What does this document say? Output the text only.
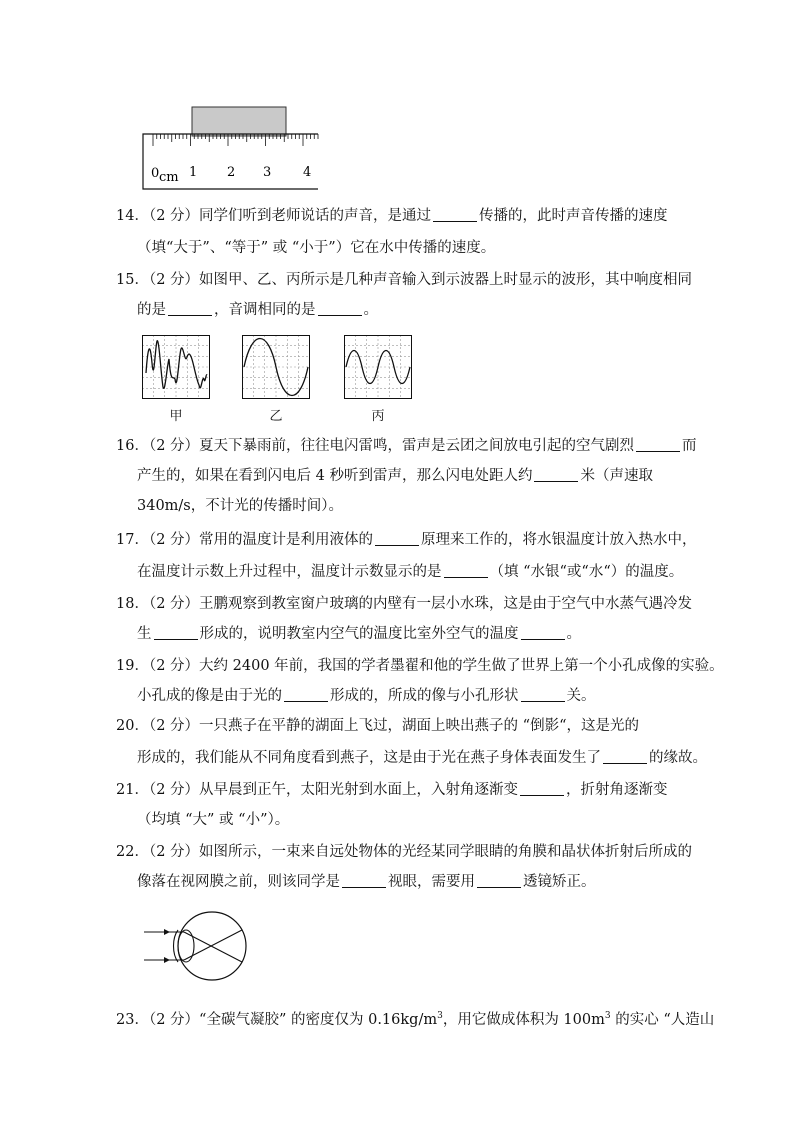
0 cm 1 2 3 4
14．（2 分）同学们听到老师说话的声音，是通过	传播的，此时声音传播的速度
（填“大于”、“等于” 或 “小于”）它在水中传播的速度。
15．（2 分）如图甲、乙、丙所示是几种声音输入到示波器上时显示的波形，其中响度相同
的是	，音调相同的是	。
甲	乙	丙
16．（2 分）夏天下暴雨前，往往电闪雷鸣，雷声是云团之间放电引起的空气剧烈	而
产生的，如果在看到闪电后 4 秒听到雷声，那么闪电处距人约	米（声速取
340m/s，不计光的传播时间）。
17．（2 分）常用的温度计是利用液体的	原理来工作的，将水银温度计放入热水中，
在温度计示数上升过程中，温度计示数显示的是	（填 “水银“或“水“）的温度。
18．（2 分）王鹏观察到教室窗户玻璃的内壁有一层小水珠，这是由于空气中水蒸气遇冷发
生	形成的，说明教室内空气的温度比室外空气的温度	。
19．（2 分）大约 2400 年前，我国的学者墨翟和他的学生做了世界上第一个小孔成像的实验。
小孔成的像是由于光的	形成的，所成的像与小孔形状	关。
20．（2 分）一只燕子在平静的湖面上飞过，湖面上映出燕子的 “倒影“，这是光的
形成的，我们能从不同角度看到燕子，这是由于光在燕子身体表面发生了	的缘故。
21．（2 分）从早晨到正午，太阳光射到水面上，入射角逐渐变	，折射角逐渐变
（均填 “大” 或 “小”）。
22．（2 分）如图所示，一束来自远处物体的光经某同学眼睛的角膜和晶状体折射后所成的
像落在视网膜之前，则该同学是	视眼，需要用	透镜矫正。
23．（2 分）“全碳气凝胶” 的密度仅为 $0.16kg/m^3$，用它做成体积为 $100m^3$ 的实心 “人造山
